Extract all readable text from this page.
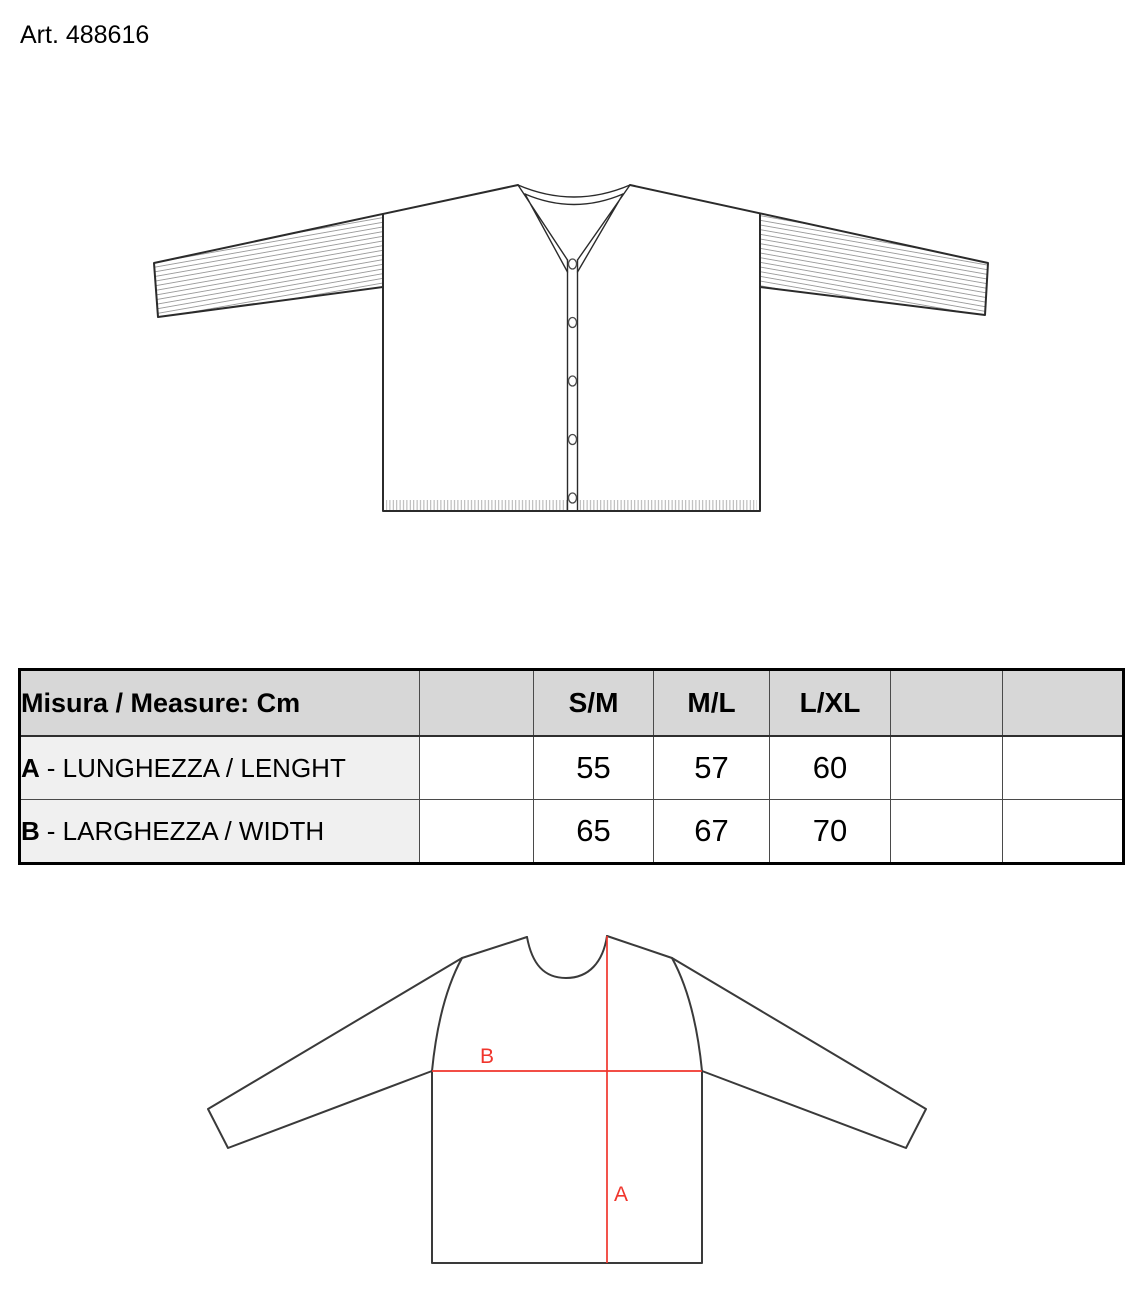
Art. 488616
Misura / Measure: Cm		S/M	M/L	L/XL		
A - LUNGHEZZA / LENGHT		55	57	60		
B - LARGHEZZA / WIDTH		65	67	70		
B
A
